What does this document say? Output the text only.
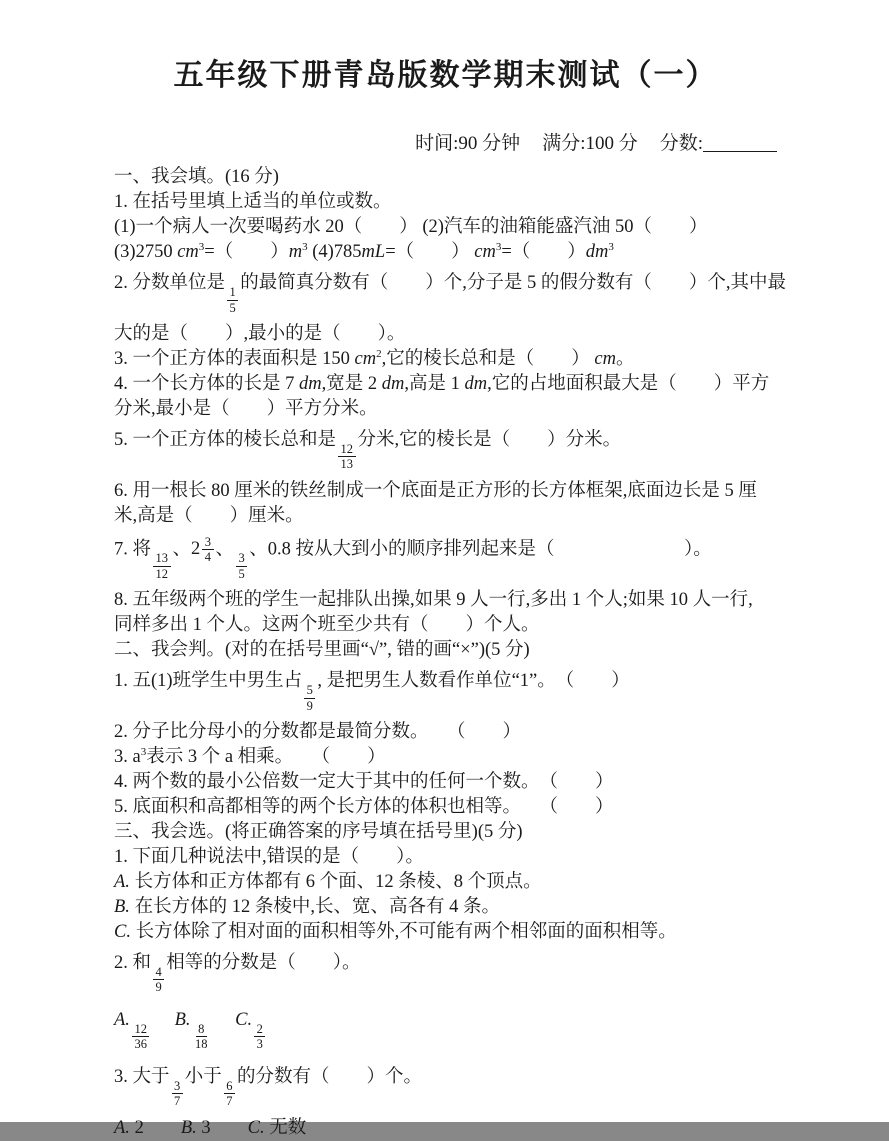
五年级下册青岛版数学期末测试（一）
时间:90 分钟 满分:100 分 分数:
一、我会填。(16 分)
1. 在括号里填上适当的单位或数。
(1)一个病人一次要喝药水 20（　　） (2)汽车的油箱能盛汽油 50（　　）
(3)2750 $cm^3=$（　　）$m^3$ (4)785mL=（　　） $cm^3=$（　　）$dm^3$
2. 分数单位是
$\frac{1}{5}$
的最简真分数有（　　）个,分子是 5 的假分数有（　　）个,其中最
大的是（　　）,最小的是（　　）。
3. 一个正方体的表面积是 150 $cm^2$,它的棱长总和是（　　） cm。
4. 一个长方体的长是 7 dm,宽是 2 dm,高是 1 dm,它的占地面积最大是（　　）平方
分米,最小是（　　）平方分米。
5. 一个正方体的棱长总和是
$\frac{12}{13}$
分米,它的棱长是（　　）分米。
6. 用一根长 80 厘米的铁丝制成一个底面是正方形的长方体框架,底面边长是 5 厘
米,高是（　　）厘米。
7. 将
$\frac{13}{12}$
、 $2 \frac{3}{4}$ 、
$\frac{3}{5}$
、0.8 按从大到小的顺序排列起来是（　　　　　　　）。
8. 五年级两个班的学生一起排队出操,如果 9 人一行,多出 1 个人;如果 10 人一行,
同样多出 1 个人。这两个班至少共有（　　）个人。
二、我会判。(对的在括号里画“√”, 错的画“×”)(5 分)
1. 五(1)班学生中男生占
$\frac{5}{9}$
, 是把男生人数看作单位“1”。　（　　）
2. 分子比分母小的分数都是最简分数。　　（　　）
3. $a^3$表示 3 个 a 相乘。　　（　　）
4. 两个数的最小公倍数一定大于其中的任何一个数。　（　　）
5. 底面积和高都相等的两个长方体的体积也相等。　　（　　）
三、我会选。(将正确答案的序号填在括号里)(5 分)
1. 下面几种说法中,错误的是（　　）。
A. 长方体和正方体都有 6 个面、12 条棱、8 个顶点。
B. 在长方体的 12 条棱中,长、宽、高各有 4 条。
C. 长方体除了相对面的面积相等外,不可能有两个相邻面的面积相等。
2. 和
$\frac{4}{9}$
相等的分数是（　　）。
A.
$\frac{12}{36}$
　 B.
$\frac{8}{18}$
　 C.
$\frac{2}{3}$
3. 大于
$\frac{3}{7}$
小于
$\frac{6}{7}$
的分数有（　　）个。
A. 2　　B. 3　　C. 无数
